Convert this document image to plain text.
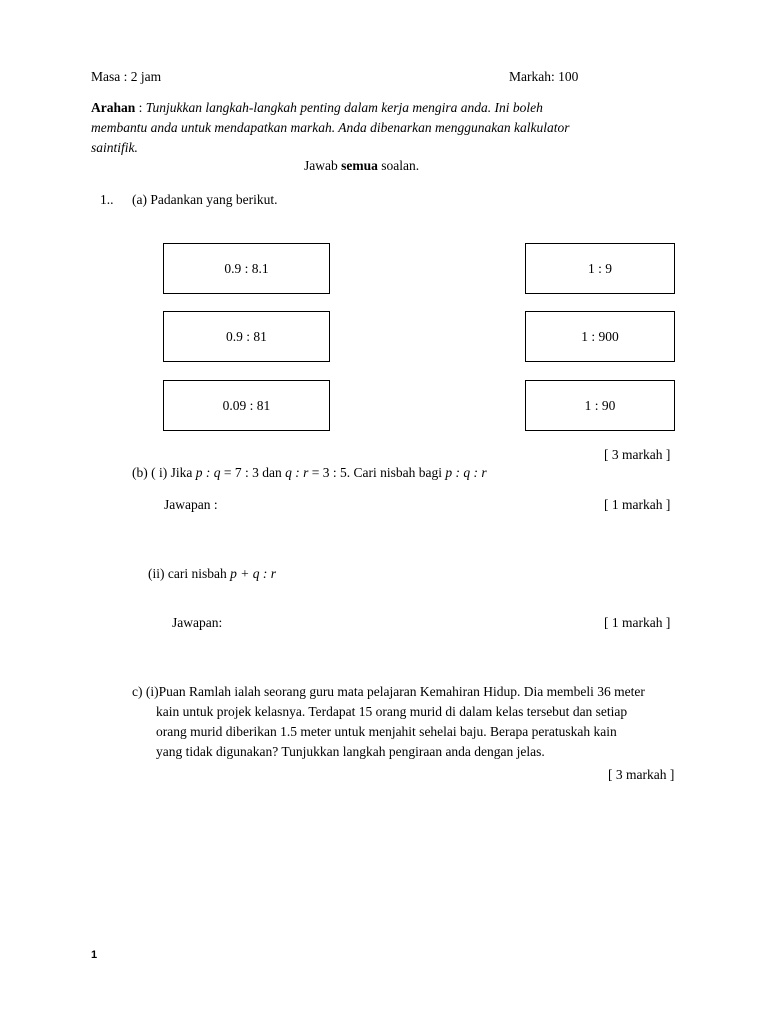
Masa : 2 jam	Markah: 100
Arahan : Tunjukkan langkah-langkah penting dalam kerja mengira anda. Ini boleh
membantu anda untuk mendapatkan markah. Anda dibenarkan menggunakan kalkulator
saintifik.
Jawab semua soalan.
1.. (a) Padankan yang berikut.
0.9 : 8.1
0.9 : 81
0.09 : 81
1 : 9
1 : 900
1 : 90
[ 3 markah ]
(b) ( i) Jika p : q = 7 : 3 dan q : r = 3 : 5. Cari nisbah bagi p : q : r
Jawapan :	[ 1 markah ]
(ii) cari nisbah p + q : r
Jawapan:	[ 1 markah ]
c) (i)Puan Ramlah ialah seorang guru mata pelajaran Kemahiran Hidup. Dia membeli 36 meter
kain untuk projek kelasnya. Terdapat 15 orang murid di dalam kelas tersebut dan setiap
orang murid diberikan 1.5 meter untuk menjahit sehelai baju. Berapa peratuskah kain
yang tidak digunakan? Tunjukkan langkah pengiraan anda dengan jelas.
[ 3 markah ]
1
